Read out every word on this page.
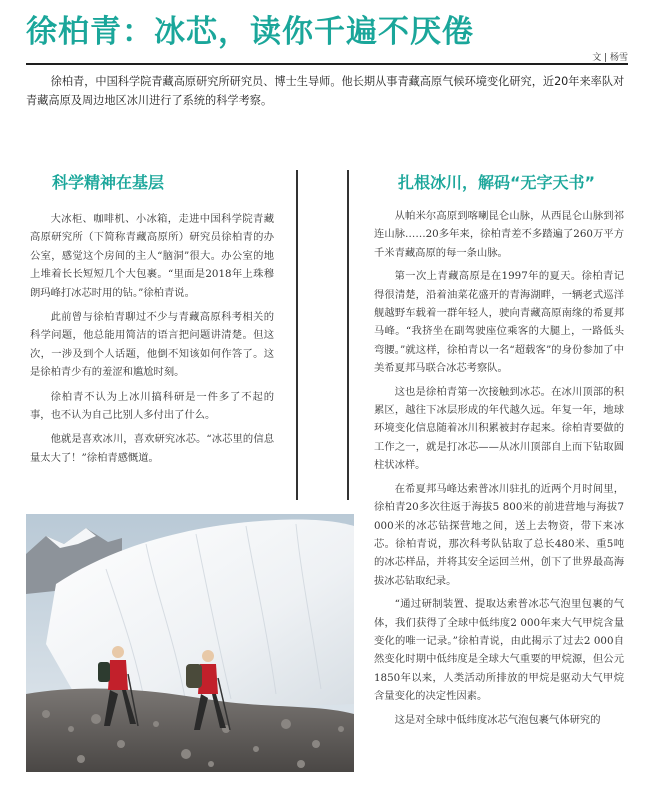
徐柏青：冰芯，读你千遍不厌倦
文 | 杨雪

徐柏青，中国科学院青藏高原研究所研究员、博士生导师。他长期从事青藏高原气候环境变化研究，近20年来率队对青藏高原及周边地区冰川进行了系统的科学考察。

科学精神在基层	扎根冰川，解码“无字天书”

大冰柜、咖啡机、小冰箱，走进中国科学院青藏高原研究所（下简称青藏高原所）研究员徐柏青的办公室，感觉这个房间的主人“脑洞”很大。办公室的地上堆着长长短短几个大包裹。“里面是2018年上珠穆朗玛峰打冰芯时用的钻。”徐柏青说。

此前曾与徐柏青聊过不少与青藏高原科考相关的科学问题，他总能用简洁的语言把问题讲清楚。但这次，一涉及到个人话题，他倒不知该如何作答了。这是徐柏青少有的羞涩和尴尬时刻。

徐柏青不认为上冰川搞科研是一件多了不起的事，也不认为自己比别人多付出了什么。

他就是喜欢冰川，喜欢研究冰芯。“冰芯里的信息量太大了！”徐柏青感慨道。

从帕米尔高原到喀喇昆仑山脉，从西昆仑山脉到祁连山脉……20多年来，徐柏青差不多踏遍了260万平方千米青藏高原的每一条山脉。

第一次上青藏高原是在1997年的夏天。徐柏青记得很清楚，沿着油菜花盛开的青海湖畔，一辆老式巡洋舰越野车载着一群年轻人，驶向青藏高原南缘的希夏邦马峰。“我挤坐在副驾驶座位乘客的大腿上，一路低头弯腰。”就这样，徐柏青以一名“超载客”的身份参加了中美希夏邦马联合冰芯考察队。

这也是徐柏青第一次接触到冰芯。在冰川顶部的积累区，越往下冰层形成的年代越久远。年复一年，地球环境变化信息随着冰川积累被封存起来。徐柏青要做的工作之一，就是打冰芯——从冰川顶部自上而下钻取圆柱状冰样。

在希夏邦马峰达索普冰川驻扎的近两个月时间里，徐柏青20多次往返于海拔5 800米的前进营地与海拔7 000米的冰芯钻探营地之间，送上去物资，带下来冰芯。徐柏青说，那次科考队钻取了总长480米、重5吨的冰芯样品，并将其安全运回兰州，创下了世界最高海拔冰芯钻取纪录。

“通过研制装置、提取达索普冰芯气泡里包裹的气体，我们获得了全球中低纬度2 000年来大气甲烷含量变化的唯一记录。”徐柏青说，由此揭示了过去2 000自然变化时期中低纬度是全球大气重要的甲烷源，但公元1850年以来，人类活动所排放的甲烷是驱动大气甲烷含量变化的决定性因素。

这是对全球中低纬度冰芯气泡包裹气体研究的
